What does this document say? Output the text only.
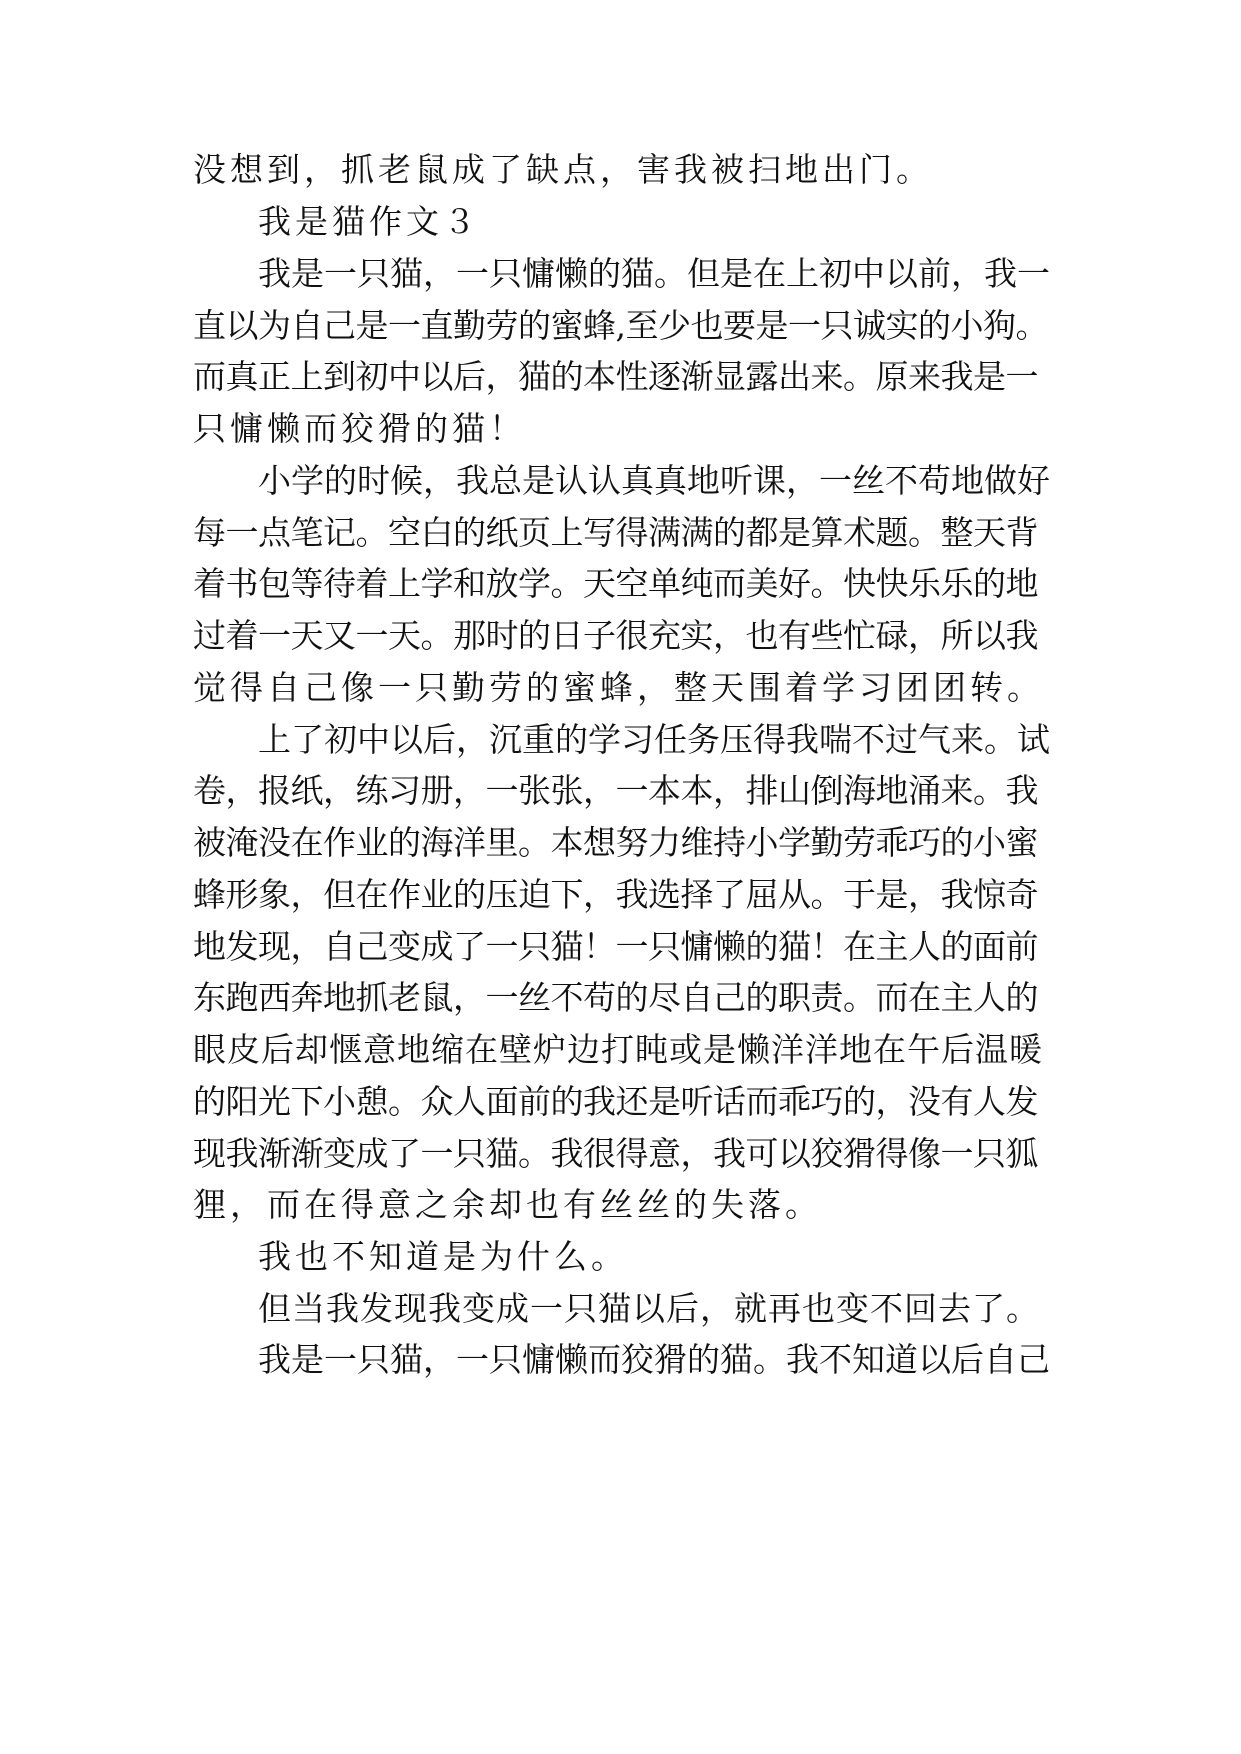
没想到，抓老鼠成了缺点，害我被扫地出门。
我是猫作文３
我是一只猫，一只慵懒的猫。但是在上初中以前，我一
直以为自己是一直勤劳的蜜蜂,至少也要是一只诚实的小狗。
而真正上到初中以后，猫的本性逐渐显露出来。原来我是一
只慵懒而狡猾的猫！
小学的时候，我总是认认真真地听课，一丝不苟地做好
每一点笔记。空白的纸页上写得满满的都是算术题。整天背
着书包等待着上学和放学。天空单纯而美好。快快乐乐的地
过着一天又一天。那时的日子很充实，也有些忙碌，所以我
觉得自己像一只勤劳的蜜蜂，整天围着学习团团转。
上了初中以后，沉重的学习任务压得我喘不过气来。试
卷，报纸，练习册，一张张，一本本，排山倒海地涌来。我
被淹没在作业的海洋里。本想努力维持小学勤劳乖巧的小蜜
蜂形象，但在作业的压迫下，我选择了屈从。于是，我惊奇
地发现，自己变成了一只猫！一只慵懒的猫！在主人的面前
东跑西奔地抓老鼠，一丝不苟的尽自己的职责。而在主人的
眼皮后却惬意地缩在壁炉边打盹或是懒洋洋地在午后温暖
的阳光下小憩。众人面前的我还是听话而乖巧的，没有人发
现我渐渐变成了一只猫。我很得意，我可以狡猾得像一只狐
狸，而在得意之余却也有丝丝的失落。
我也不知道是为什么。
但当我发现我变成一只猫以后，就再也变不回去了。
我是一只猫，一只慵懒而狡猾的猫。我不知道以后自己
